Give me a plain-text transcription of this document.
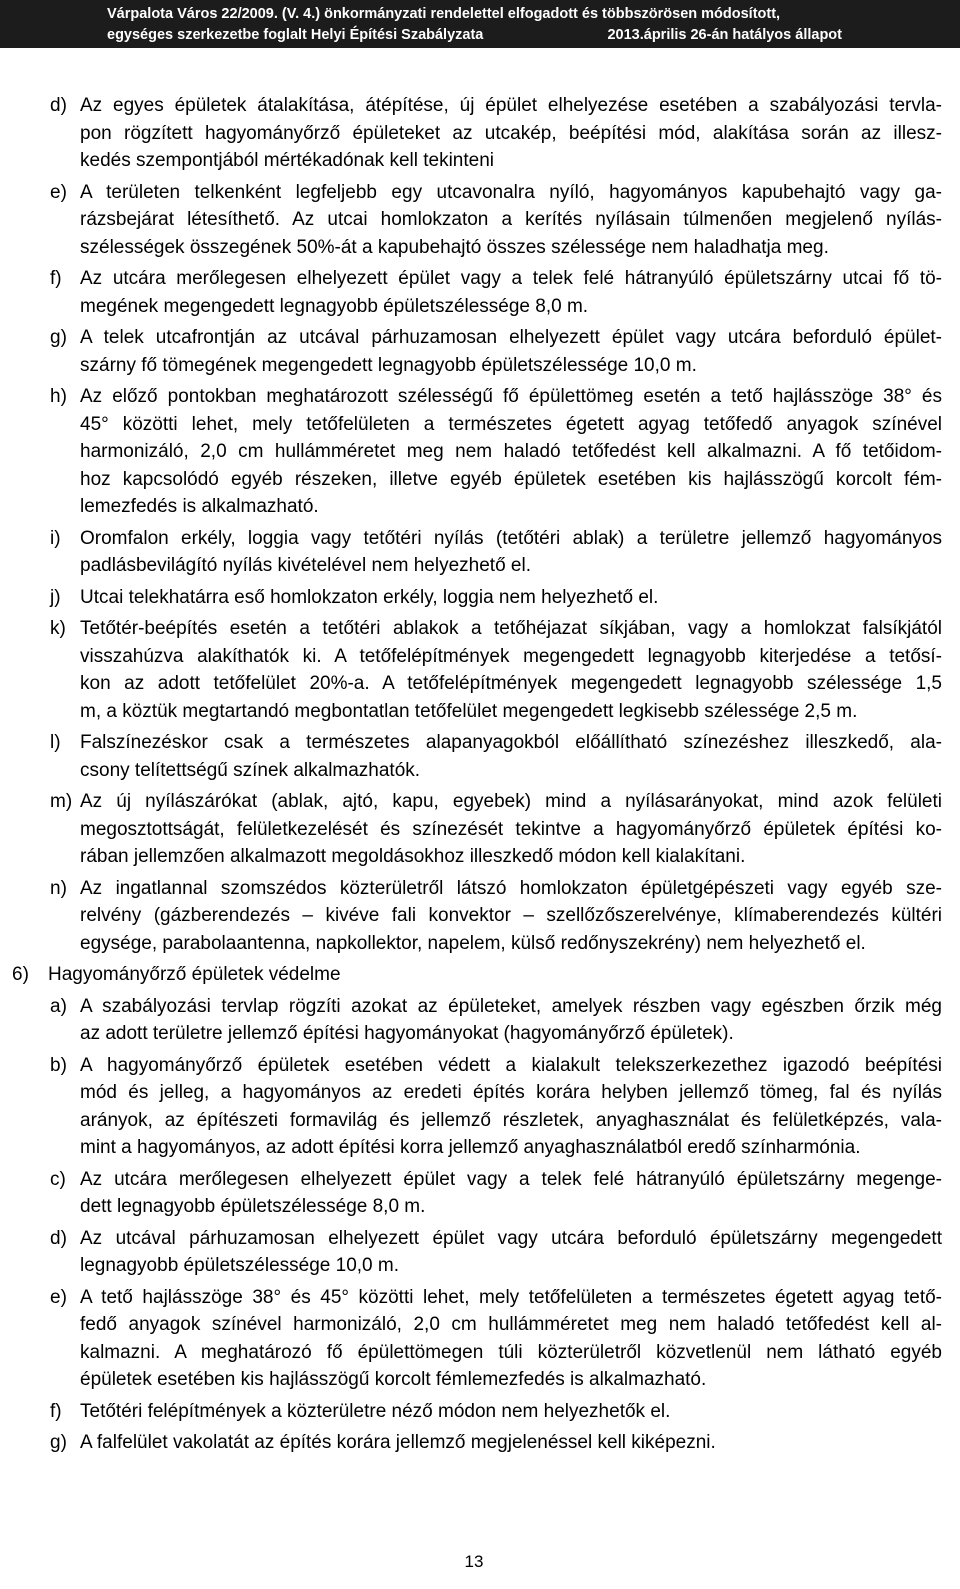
Várpalota Város 22/2009. (V. 4.) önkormányzati rendelettel elfogadott és többszörösen módosított,
egységes szerkezetbe foglalt Helyi Építési Szabályzata	2013.április 26-án hatályos állapot
d) Az egyes épületek átalakítása, átépítése, új épület elhelyezése esetében a szabályozási tervla-
pon rögzített hagyományőrző épületeket az utcakép, beépítési mód, alakítása során az illesz-
kedés szempontjából mértékadónak kell tekinteni
e) A területen telkenként legfeljebb egy utcavonalra nyíló, hagyományos kapubehajtó vagy ga-
rázsbejárat létesíthető. Az utcai homlokzaton a kerítés nyílásain túlmenően megjelenő nyílás-
szélességek összegének 50%-át a kapubehajtó összes szélessége nem haladhatja meg.
f) Az utcára merőlegesen elhelyezett épület vagy a telek felé hátranyúló épületszárny utcai fő tö-
megének megengedett legnagyobb épületszélessége 8,0 m.
g) A telek utcafrontján az utcával párhuzamosan elhelyezett épület vagy utcára beforduló épület-
szárny fő tömegének megengedett legnagyobb épületszélessége 10,0 m.
h) Az előző pontokban meghatározott szélességű fő épülettömeg esetén a tető hajlásszöge 38° és
45° közötti lehet, mely tetőfelületen a természetes égetett agyag tetőfedő anyagok színével
harmonizáló, 2,0 cm hullámméretet meg nem haladó tetőfedést kell alkalmazni. A fő tetőidom-
hoz kapcsolódó egyéb részeken, illetve egyéb épületek esetében kis hajlásszögű korcolt fém-
lemezfedés is alkalmazható.
i)	Oromfalon erkély, loggia vagy tetőtéri nyílás (tetőtéri ablak) a területre jellemző hagyományos
padlásbevilágító nyílás kivételével nem helyezhető el.
j)	Utcai telekhatárra eső homlokzaton erkély, loggia nem helyezhető el.
k) Tetőtér-beépítés esetén a tetőtéri ablakok a tetőhéjazat síkjában, vagy a homlokzat falsíkjától
visszahúzva alakíthatók ki. A tetőfelépítmények megengedett legnagyobb kiterjedése a tetősí-
kon az adott tetőfelület 20%-a. A tetőfelépítmények megengedett legnagyobb szélessége 1,5
m, a köztük megtartandó megbontatlan tetőfelület megengedett legkisebb szélessége 2,5 m.
l)	Falszínezéskor csak a természetes alapanyagokból előállítható színezéshez illeszkedő, ala-
csony telítettségű színek alkalmazhatók.
m) Az új nyílászárókat (ablak, ajtó, kapu, egyebek) mind a nyílásarányokat, mind azok felületi
megosztottságát, felületkezelését és színezését tekintve a hagyományőrző épületek építési ko-
rában jellemzően alkalmazott megoldásokhoz illeszkedő módon kell kialakítani.
n) Az ingatlannal szomszédos közterületről látszó homlokzaton épületgépészeti vagy egyéb sze-
relvény (gázberendezés – kivéve fali konvektor – szellőzőszerelvénye, klímaberendezés kültéri
egysége, parabolaantenna, napkollektor, napelem, külső redőnyszekrény) nem helyezhető el.
6)	Hagyományőrző épületek védelme
a) A szabályozási tervlap rögzíti azokat az épületeket, amelyek részben vagy egészben őrzik még
az adott területre jellemző építési hagyományokat (hagyományőrző épületek).
b) A hagyományőrző épületek esetében védett a kialakult telekszerkezethez igazodó beépítési
mód és jelleg, a hagyományos az eredeti építés korára helyben jellemző tömeg, fal és nyílás
arányok, az építészeti formavilág és jellemző részletek, anyaghasználat és felületképzés, vala-
mint a hagyományos, az adott építési korra jellemző anyaghasználatból eredő színharmónia.
c) Az utcára merőlegesen elhelyezett épület vagy a telek felé hátranyúló épületszárny megenge-
dett legnagyobb épületszélessége 8,0 m.
d) Az utcával párhuzamosan elhelyezett épület vagy utcára beforduló épületszárny megengedett
legnagyobb épületszélessége 10,0 m.
e) A tető hajlásszöge 38° és 45° közötti lehet, mely tetőfelületen a természetes égetett agyag tető-
fedő anyagok színével harmonizáló, 2,0 cm hullámméretet meg nem haladó tetőfedést kell al-
kalmazni. A meghatározó fő épülettömegen túli közterületről közvetlenül nem látható egyéb
épületek esetében kis hajlásszögű korcolt fémlemezfedés is alkalmazható.
f) Tetőtéri felépítmények a közterületre néző módon nem helyezhetők el.
g) A falfelület vakolatát az építés korára jellemző megjelenéssel kell kiképezni.
13
